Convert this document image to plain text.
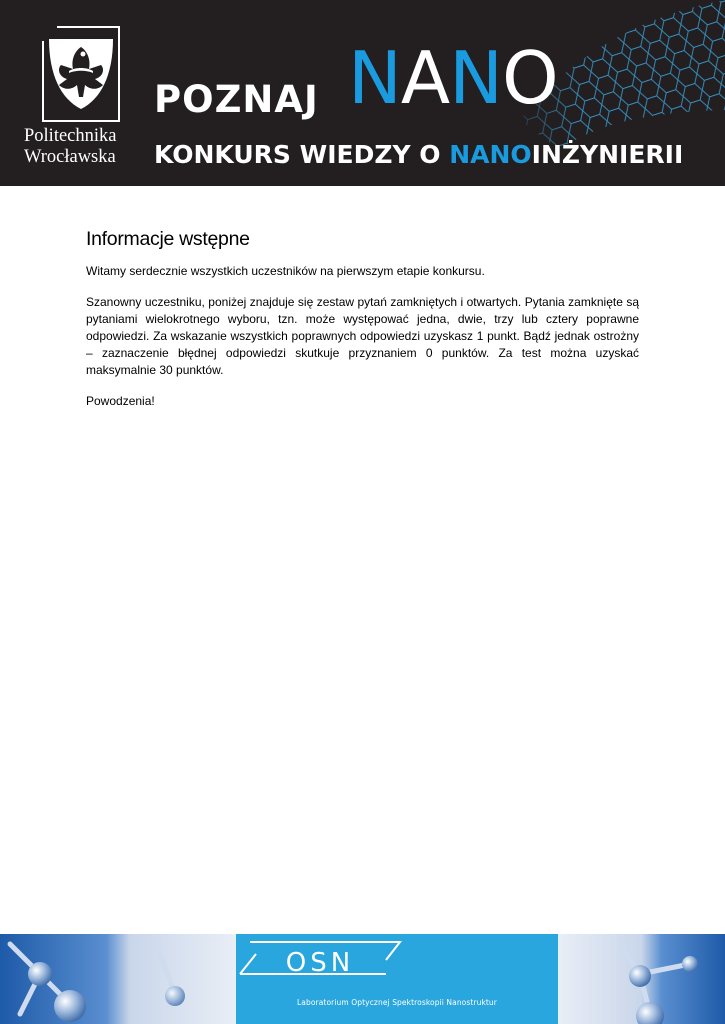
Politechnika
Wrocławska
POZNAJ NANO
KONKURS WIEDZY O NANOINŻYNIERII
Informacje wstępne

Witamy serdecznie wszystkich uczestników na pierwszym etapie konkursu.

Szanowny uczestniku, poniżej znajduje się zestaw pytań zamkniętych i otwartych. Pytania zamknięte są pytaniami wielokrotnego wyboru, tzn. może występować jedna, dwie, trzy lub cztery poprawne odpowiedzi. Za wskazanie wszystkich poprawnych odpowiedzi uzyskasz 1 punkt. Bądź jednak ostrożny – zaznaczenie błędnej odpowiedzi skutkuje przyznaniem 0 punktów. Za test można uzyskać maksymalnie 30 punktów.

Powodzenia!

OSN
Laboratorium Optycznej Spektroskopii Nanostruktur
